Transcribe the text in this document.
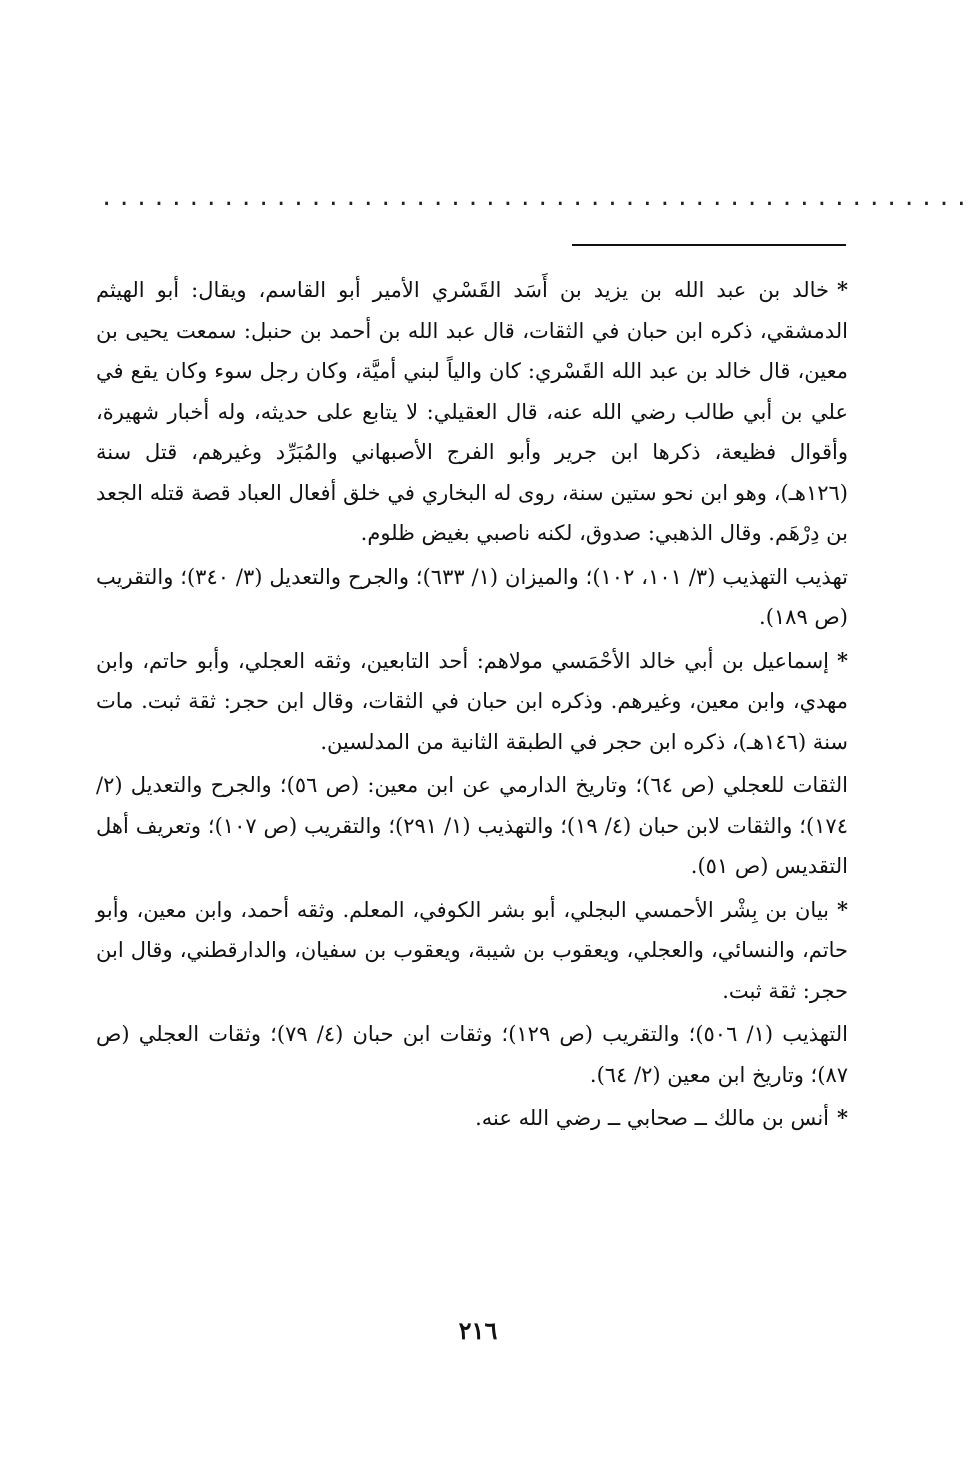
..................................................

*خالد بن عبد الله بن يزيد بن أَسَد القَسْري الأمير أبو القاسم، ويقال: أبو الهيثم الدمشقي، ذكره ابن حبان في الثقات، قال عبد الله بن أحمد بن حنبل: سمعت يحيى بن معين، قال خالد بن عبد الله القَسْري: كان والياً لبني أميَّة، وكان رجل سوء وكان يقع في علي بن أبي طالب رضي الله عنه، قال العقيلي: لا يتابع على حديثه، وله أخبار شهيرة، وأقوال فظيعة، ذكرها ابن جرير وأبو الفرج الأصبهاني والمُبَرِّد وغيرهم، قتل سنة (١٢٦هـ)، وهو ابن نحو ستين سنة، روى له البخاري في خلق أفعال العباد قصة قتله الجعد بن دِرْهَم. وقال الذهبي: صدوق، لكنه ناصبي بغيض ظلوم.

تهذيب التهذيب (٣/ ١٠١، ١٠٢)؛ والميزان (١/ ٦٣٣)؛ والجرح والتعديل (٣/ ٣٤٠)؛ والتقريب (ص ١٨٩).

*إسماعيل بن أبي خالد الأحْمَسي مولاهم: أحد التابعين، وثقه العجلي، وأبو حاتم، وابن مهدي، وابن معين، وغيرهم. وذكره ابن حبان في الثقات، وقال ابن حجر: ثقة ثبت. مات سنة (١٤٦هـ)، ذكره ابن حجر في الطبقة الثانية من المدلسين.

الثقات للعجلي (ص ٦٤)؛ وتاريخ الدارمي عن ابن معين: (ص ٥٦)؛ والجرح والتعديل (٢/ ١٧٤)؛ والثقات لابن حبان (٤/ ١٩)؛ والتهذيب (١/ ٢٩١)؛ والتقريب (ص ١٠٧)؛ وتعريف أهل التقديس (ص ٥١).

*بيان بن بِشْر الأحمسي البجلي، أبو بشر الكوفي، المعلم. وثقه أحمد، وابن معين، وأبو حاتم، والنسائي، والعجلي، ويعقوب بن شيبة، ويعقوب بن سفيان، والدارقطني، وقال ابن حجر: ثقة ثبت.

التهذيب (١/ ٥٠٦)؛ والتقريب (ص ١٢٩)؛ وثقات ابن حبان (٤/ ٧٩)؛ وثقات العجلي (ص ٨٧)؛ وتاريخ ابن معين (٢/ ٦٤).

*أنس بن مالك ــ صحابي ــ رضي الله عنه.

٢١٦
